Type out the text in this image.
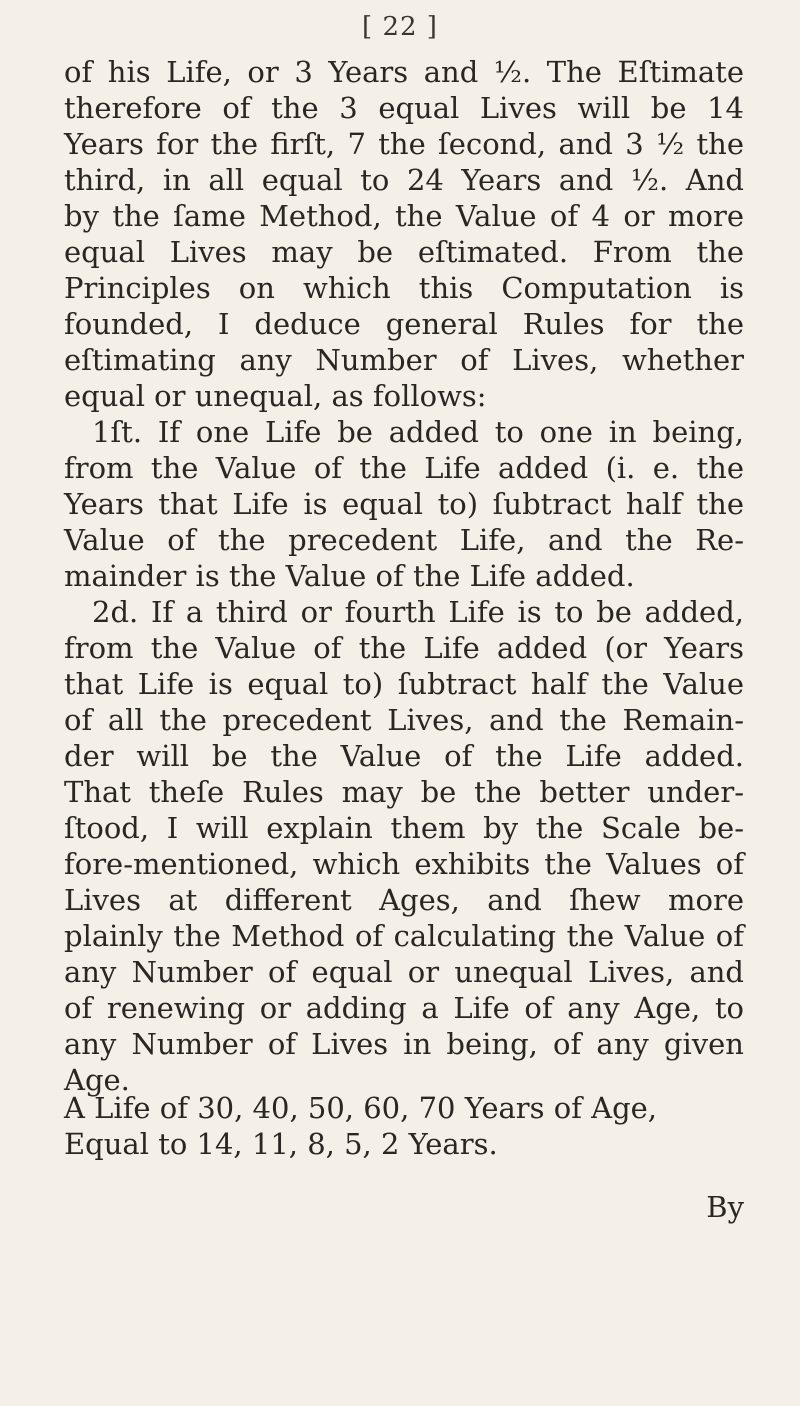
[ 22 ]
of his Life, or 3 Years and ½. The Eſtimate
therefore of the 3 equal Lives will be 14
Years for the firſt, 7 the ſecond, and 3 ½ the
third, in all equal to 24 Years and ½. And
by the ſame Method, the Value of 4 or more
equal Lives may be eſtimated. From the
Principles on which this Computation is
founded, I deduce general Rules for the
eſtimating any Number of Lives, whether
equal or unequal, as follows:
1ſt. If one Life be added to one in being,
from the Value of the Life added (i. e. the
Years that Life is equal to) ſubtract half the
Value of the precedent Life, and the Re-
mainder is the Value of the Life added.
2d. If a third or fourth Life is to be added,
from the Value of the Life added (or Years
that Life is equal to) ſubtract half the Value
of all the precedent Lives, and the Remain-
der will be the Value of the Life added.
That theſe Rules may be the better under-
ſtood, I will explain them by the Scale be-
fore-mentioned, which exhibits the Values of
Lives at different Ages, and ſhew more
plainly the Method of calculating the Value of
any Number of equal or unequal Lives, and
of renewing or adding a Life of any Age, to
any Number of Lives in being, of any given
Age.
A Life of 30, 40, 50, 60, 70 Years of Age,
Equal to 14, 11, 8, 5, 2 Years.
By
